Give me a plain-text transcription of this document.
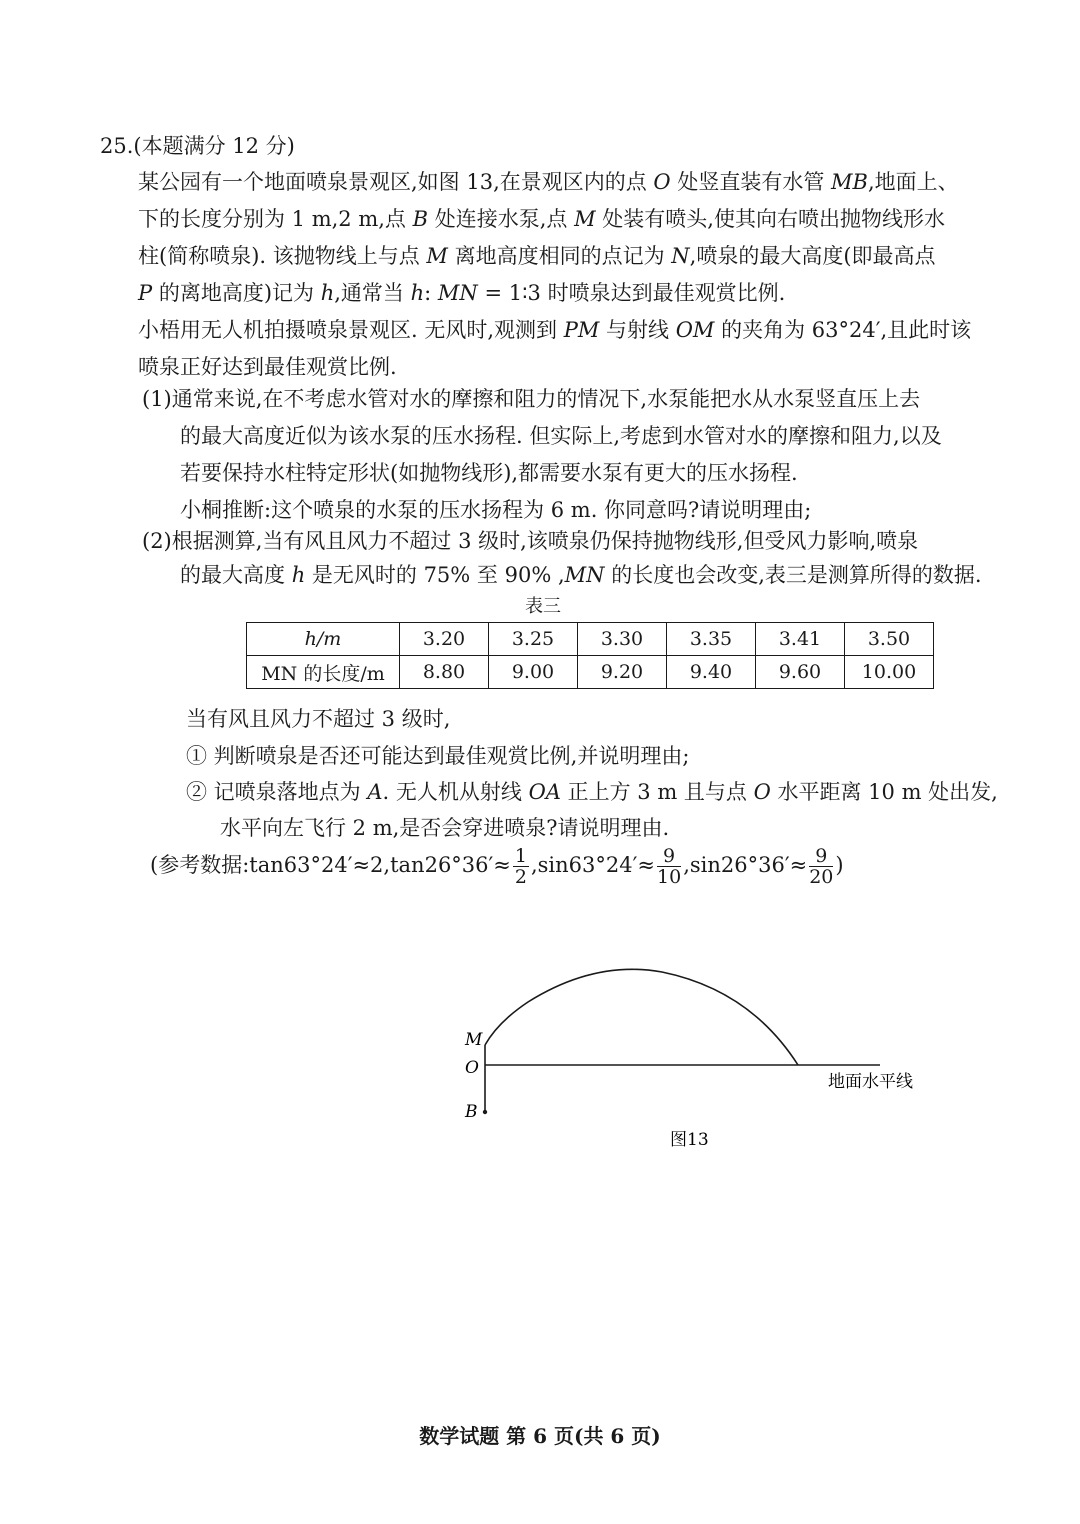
25.(本题满分 12 分)
某公园有一个地面喷泉景观区,如图 13,在景观区内的点 O 处竖直装有水管 MB,地面上、
下的长度分别为 1 m,2 m,点 B 处连接水泵,点 M 处装有喷头,使其向右喷出抛物线形水
柱(简称喷泉). 该抛物线上与点 M 离地高度相同的点记为 N,喷泉的最大高度(即最高点
P 的离地高度)记为 h,通常当 h: MN = 1∶3 时喷泉达到最佳观赏比例.
小梧用无人机拍摄喷泉景观区. 无风时,观测到 PM 与射线 OM 的夹角为 63°24′,且此时该
喷泉正好达到最佳观赏比例.
(1)通常来说,在不考虑水管对水的摩擦和阻力的情况下,水泵能把水从水泵竖直压上去
的最大高度近似为该水泵的压水扬程. 但实际上,考虑到水管对水的摩擦和阻力,以及
若要保持水柱特定形状(如抛物线形),都需要水泵有更大的压水扬程.
小桐推断:这个喷泉的水泵的压水扬程为 6 m. 你同意吗?请说明理由;
(2)根据测算,当有风且风力不超过 3 级时,该喷泉仍保持抛物线形,但受风力影响,喷泉
的最大高度 h 是无风时的 75% 至 90% ,MN 的长度也会改变,表三是测算所得的数据.
表三
h/m	3.20	3.25	3.30	3.35	3.41	3.50
MN 的长度/m	8.80	9.00	9.20	9.40	9.60	10.00
当有风且风力不超过 3 级时,
① 判断喷泉是否还可能达到最佳观赏比例,并说明理由;
② 记喷泉落地点为 A. 无人机从射线 OA 正上方 3 m 且与点 O 水平距离 10 m 处出发,
水平向左飞行 2 m,是否会穿进喷泉?请说明理由.
(参考数据:tan63°24′≈2,tan26°36′≈ $\frac{1}{2} ,\sin 63^\circ 24'\approx \frac{9}{10} ,\sin 26^\circ 36'\approx \frac{9}{20}$ )
M
O
B
地面水平线
图13
数学试题 第 6 页(共 6 页)
